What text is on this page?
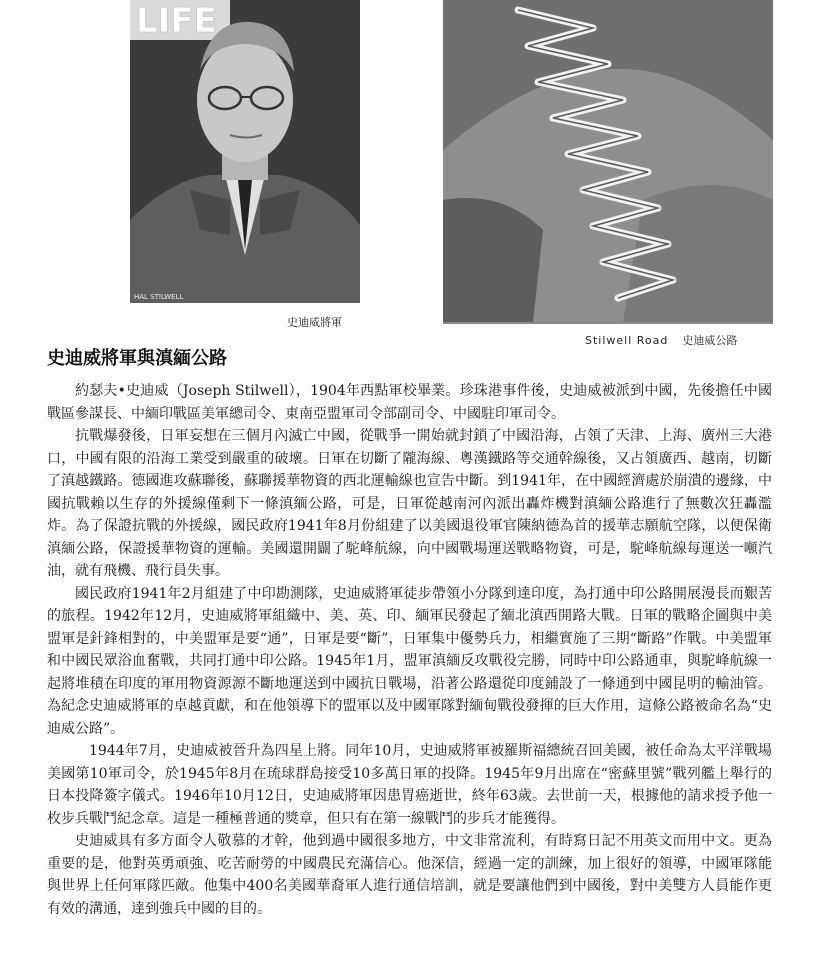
LIFE
HAL STILWELL
史迪威將軍
Stilwell Road 史迪威公路
史迪威將軍與滇緬公路

約瑟夫•史迪威（Joseph Stilwell），1904年西點軍校畢業。珍珠港事件後，史迪威被派到中國，先後擔任中國戰區參謀長、中緬印戰區美軍總司令、東南亞盟軍司令部副司令、中國駐印軍司令。

抗戰爆發後，日軍妄想在三個月內滅亡中國，從戰爭一開始就封鎖了中國沿海，占領了天津、上海、廣州三大港口，中國有限的沿海工業受到嚴重的破壞。日軍在切斷了隴海線、粵漢鐵路等交通幹線後，又占領廣西、越南，切斷了滇越鐵路。德國進攻蘇聯後，蘇聯援華物資的西北運輸線也宣告中斷。到1941年，在中國經濟處於崩潰的邊緣，中國抗戰賴以生存的外援線僅剩下一條滇緬公路，可是，日軍從越南河內派出轟炸機對滇緬公路進行了無數次狂轟濫炸。為了保證抗戰的外援線，國民政府1941年8月份組建了以美國退役軍官陳納德為首的援華志願航空隊，以便保衛滇緬公路，保證援華物資的運輸。美國還開闢了駝峰航線，向中國戰場運送戰略物資，可是，駝峰航線每運送一噸汽油，就有飛機、飛行員失事。

國民政府1941年2月組建了中印勘測隊，史迪威將軍徒步帶領小分隊到達印度，為打通中印公路開展漫長而艱苦的旅程。1942年12月，史迪威將軍組織中、美、英、印、緬軍民發起了緬北滇西開路大戰。日軍的戰略企圖與中美盟軍是針鋒相對的，中美盟軍是要“通”，日軍是要“斷”，日軍集中優勢兵力，相繼實施了三期“斷路”作戰。中美盟軍和中國民眾浴血奮戰，共同打通中印公路。1945年1月，盟軍滇緬反攻戰役完勝，同時中印公路通車，與駝峰航線一起將堆積在印度的軍用物資源源不斷地運送到中國抗日戰場，沿著公路還從印度鋪設了一條通到中國昆明的輸油管。為紀念史迪威將軍的卓越貢獻，和在他領導下的盟軍以及中國軍隊對緬甸戰役發揮的巨大作用，這條公路被命名為“史迪威公路”。

1944年7月，史迪威被晉升為四星上將。同年10月，史迪威將軍被羅斯福總統召回美國，被任命為太平洋戰場美國第10軍司令，於1945年8月在琉球群島接受10多萬日軍的投降。1945年9月出席在“密蘇里號”戰列艦上舉行的日本投降簽字儀式。1946年10月12日，史迪威將軍因患胃癌逝世，終年63歲。去世前一天，根據他的請求授予他一枚步兵戰鬥紀念章。這是一種極普通的獎章，但只有在第一線戰鬥的步兵才能獲得。

史迪威具有多方面令人敬慕的才幹，他到過中國很多地方，中文非常流利，有時寫日記不用英文而用中文。更為重要的是，他對英勇頑強、吃苦耐勞的中國農民充滿信心。他深信，經過一定的訓練，加上很好的領導，中國軍隊能與世界上任何軍隊匹敵。他集中400名美國華裔軍人進行通信培訓，就是要讓他們到中國後，對中美雙方人員能作更有效的溝通，達到強兵中國的目的。
